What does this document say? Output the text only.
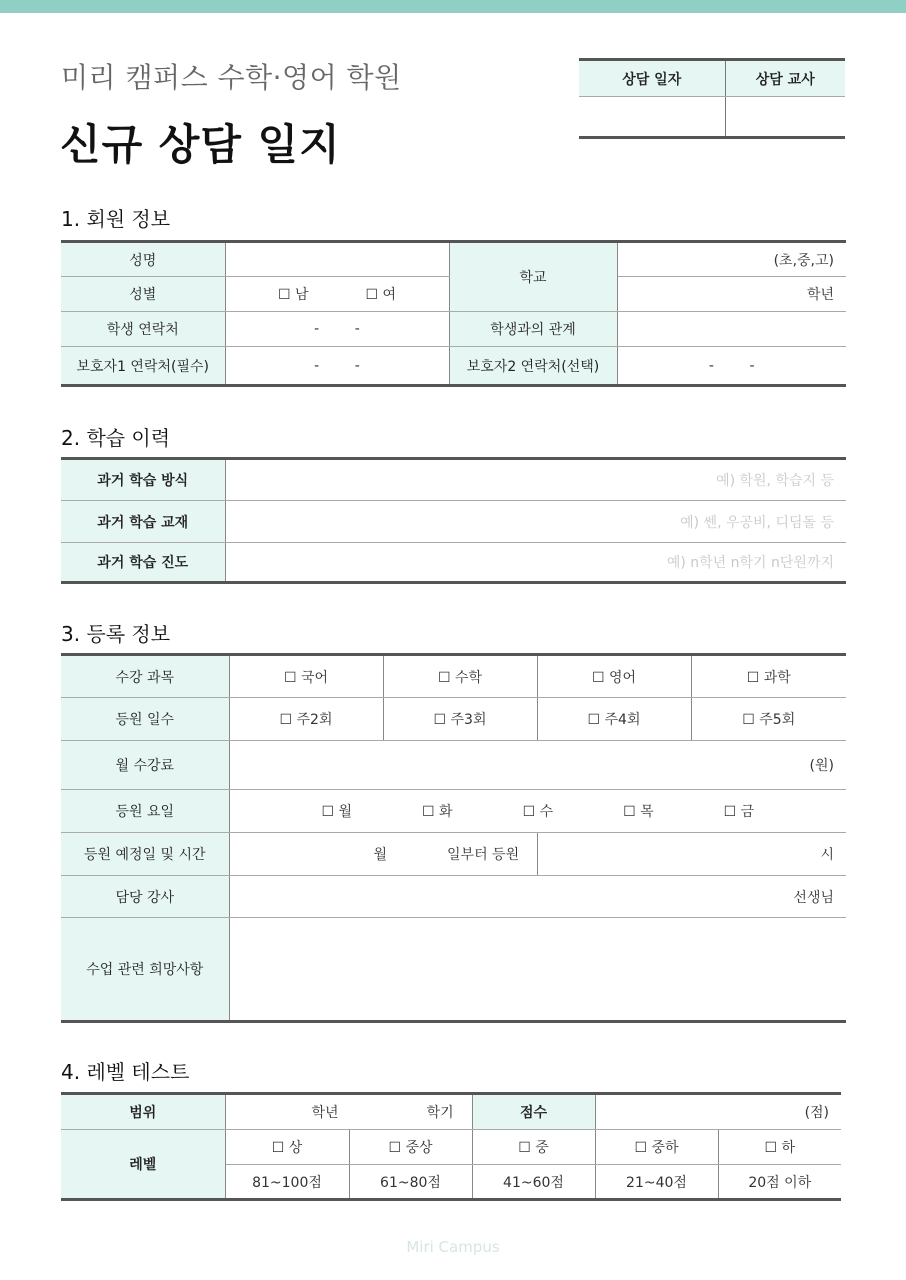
미리 캠퍼스 수학·영어 학원
신규 상담 일지
상담 일자	상담 교사

1. 회원 정보
성명		학교	(초,중,고)
성별	☐ 남 ☐ 여		학년
학생 연락처	-        -	학생과의 관계	
보호자1 연락처(필수)	-        -	보호자2 연락처(선택)	-        -
2. 학습 이력
과거 학습 방식	예) 학원, 학습지 등
과거 학습 교재	예) 쎈, 우공비, 디딤돌 등
과거 학습 진도	예) n학년 n학기 n단원까지
3. 등록 정보
수강 과목	☐ 국어	☐ 수학	☐ 영어	☐ 과학
등원 일수	☐ 주2회	☐ 주3회	☐ 주4회	☐ 주5회
월 수강료	(원)			
등원 요일	☐ 월 ☐ 화 ☐ 수 ☐ 목 ☐ 금			
등원 예정일 및 시간	월 일부터 등원		시	
담당 강사	선생님			
수업 관련 희망사항				
4. 레벨 테스트
범위	학년 학기		점수	(점)	
레벨	☐ 상	☐ 중상	☐ 중	☐ 중하	☐ 하
	81~100점	61~80점	41~60점	21~40점	20점 이하
Miri Campus
